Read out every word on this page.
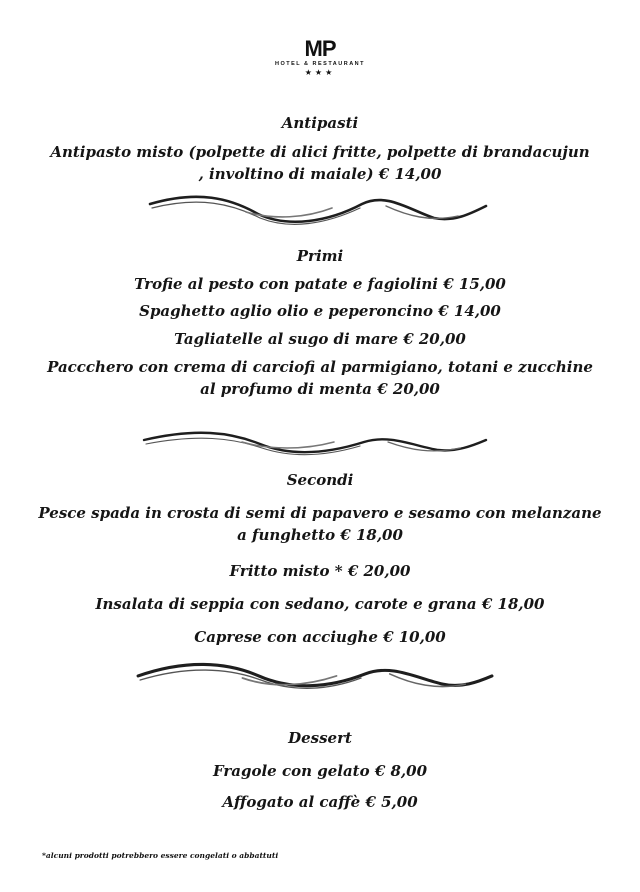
MP
HOTEL & RESTAURANT
★★★
Antipasti
Antipasto misto (polpette di alici fritte, polpette di brandacujun , involtino di maiale) € 14,00
Primi
Trofie al pesto con patate e fagiolini € 15,00
Spaghetto aglio olio e peperoncino € 14,00
Tagliatelle al sugo di mare € 20,00
Paccchero con crema di carciofi al parmigiano, totani e zucchine al profumo di menta € 20,00
Secondi
Pesce spada in crosta di semi di papavero e sesamo con melanzane a funghetto € 18,00
Fritto misto * € 20,00
Insalata di seppia con sedano, carote e grana € 18,00
Caprese con acciughe € 10,00
Dessert
Fragole con gelato € 8,00
Affogato al caffè € 5,00
*alcuni prodotti potrebbero essere congelati o abbattuti
